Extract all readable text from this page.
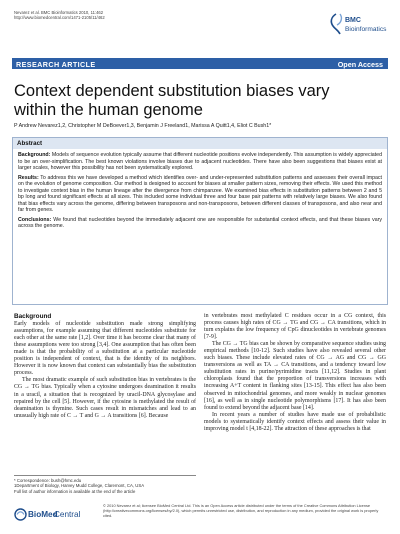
Nevarez et al. BMC Bioinformatics 2010, 11:462
http://www.biomedcentral.com/1471-2105/11/462	BMC
Bioinformatics
RESEARCH ARTICLE	Open Access
Context dependent substitution biases vary within the human genome
P Andrew Nevarez1,2, Christopher M DeBoever1,3, Benjamin J Freeland1, Marissa A Quitt1,4, Eliot C Bush1*
Abstract
Background: Models of sequence evolution typically assume that different nucleotide positions evolve independently. This assumption is widely appreciated to be an over-simplification. The best known violations involve biases due to adjacent nucleotides. There have also been suggestions that biases exist at larger scales, however this possibility has not been systematically explored.
Results: To address this we have developed a method which identifies over- and under-represented substitution patterns and assesses their overall impact on the evolution of genome composition. Our method is designed to account for biases at smaller pattern sizes, removing their effects. We used this method to investigate context bias in the human lineage after the divergence from chimpanzee. We examined bias effects in substitution patterns between 2 and 5 bp long and found significant effects at all sizes. This included some individual three and four base pair patterns with relatively large biases. We also found that bias effects vary across the genome, differing between transposons and non-transposons, between different classes of transposons, and also near and far from genes.
Conclusions: We found that nucleotides beyond the immediately adjacent one are responsible for substantial context effects, and that these biases vary across the genome.
Background

Early models of nucleotide substitution made strong simplifying assumptions, for example assuming that different nucleotides substitute for each other at the same rate [1,2]. Over time it has become clear that many of these assumptions were too strong [3,4]. One assumption that has often been made is that the probability of a substitution at a particular nucleotide position is independent of context, that is the identity of its neighbors. However it is now known that context can substantially bias the substitution process.

The most dramatic example of such substitution bias in vertebrates is the CG → TG bias. Typically when a cytosine undergoes deamination it results in a uracil, a situation that is recognized by uracil-DNA glycosylase and repaired by the cell [5]. However, if the cytosine is methylated the result of deamination is thymine. Such cases result in mismatches and lead to an unusually high rate of C → T and G → A transitions [6]. Because

in vertebrates most methylated C residues occur in a CG context, this process causes high rates of CG → TG and CG → CA transitions, which in turn explains the low frequency of CpG dinucleotides in vertebrate genomes [7-9].

The CG → TG bias can be shown by comparative sequence studies using empirical methods [10-12]. Such studies have also revealed several other such biases. These include elevated rates of CG → AG and CG → GG transversions as well as TA → CA transitions, and a tendency toward low substitution rates in purine/pyrimidine tracts [11,12]. Studies in plant chloroplasts found that the proportion of transversions increases with increasing A+T content in flanking sites [13-15]. This effect has also been observed in mitochondrial genomes, and more weakly in nuclear genomes [16], as well as in single nucleotide polymorphisms [17]. It has also been found to extend beyond the adjacent base [14].

In recent years a number of studies have made use of probabilistic models to systematically identify context effects and assess their value in improving model t [4,18-22]. The attraction of these approaches is that

* Correspondence: bush@hmc.edu
1Department of Biology, Harvey Mudd College, Claremont, CA, USA
Full list of author information is available at the end of the article
BioMed
Central
© 2010 Nevarez et al; licensee BioMed Central Ltd. This is an Open Access article distributed under the terms of the Creative Commons Attribution License (http://creativecommons.org/licenses/by/2.0), which permits unrestricted use, distribution, and reproduction in any medium, provided the original work is properly cited.
